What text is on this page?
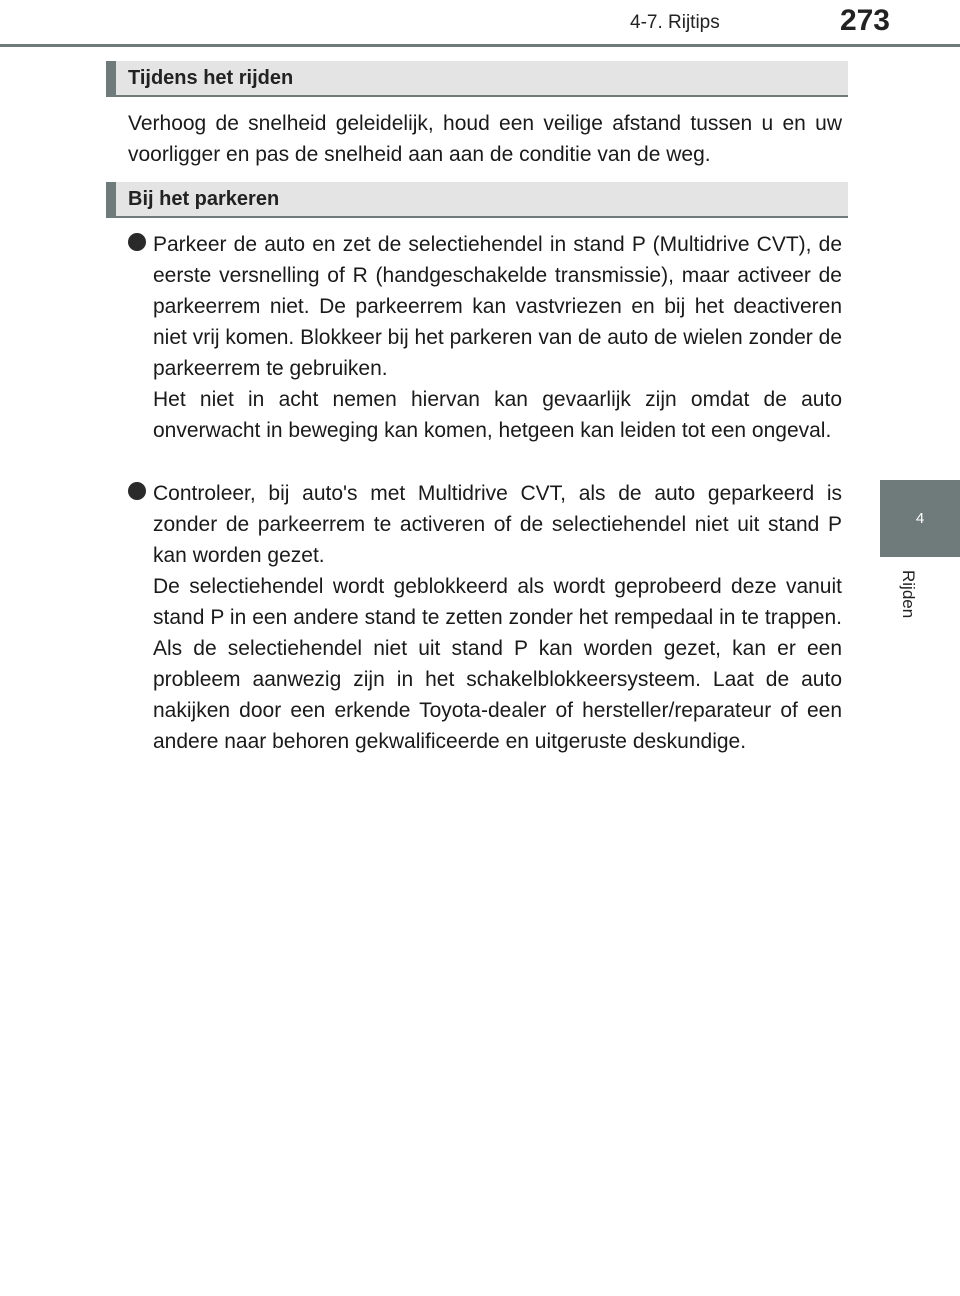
4-7. Rijtips	273
4
Rijden
Tijdens het rijden

Verhoog de snelheid geleidelijk, houd een veilige afstand tussen u en uw voorligger en pas de snelheid aan aan de conditie van de weg.

Bij het parkeren

Parkeer de auto en zet de selectiehendel in stand P (Multidrive CVT), de eerste versnelling of R (handgeschakelde transmissie), maar activeer de parkeerrem niet. De parkeerrem kan vastvriezen en bij het deactiveren niet vrij komen. Blokkeer bij het parkeren van de auto de wielen zonder de parkeerrem te gebruiken.

Het niet in acht nemen hiervan kan gevaarlijk zijn omdat de auto onverwacht in beweging kan komen, hetgeen kan leiden tot een ongeval.

Controleer, bij auto's met Multidrive CVT, als de auto geparkeerd is zonder de parkeerrem te activeren of de selectiehendel niet uit stand P kan worden gezet.

De selectiehendel wordt geblokkeerd als wordt geprobeerd deze vanuit stand P in een andere stand te zetten zonder het rempedaal in te trappen. Als de selectiehendel niet uit stand P kan worden gezet, kan er een probleem aanwezig zijn in het schakelblokkeersysteem. Laat de auto nakijken door een erkende Toyota-dealer of hersteller/reparateur of een andere naar behoren gekwalificeerde en uitgeruste deskundige.
